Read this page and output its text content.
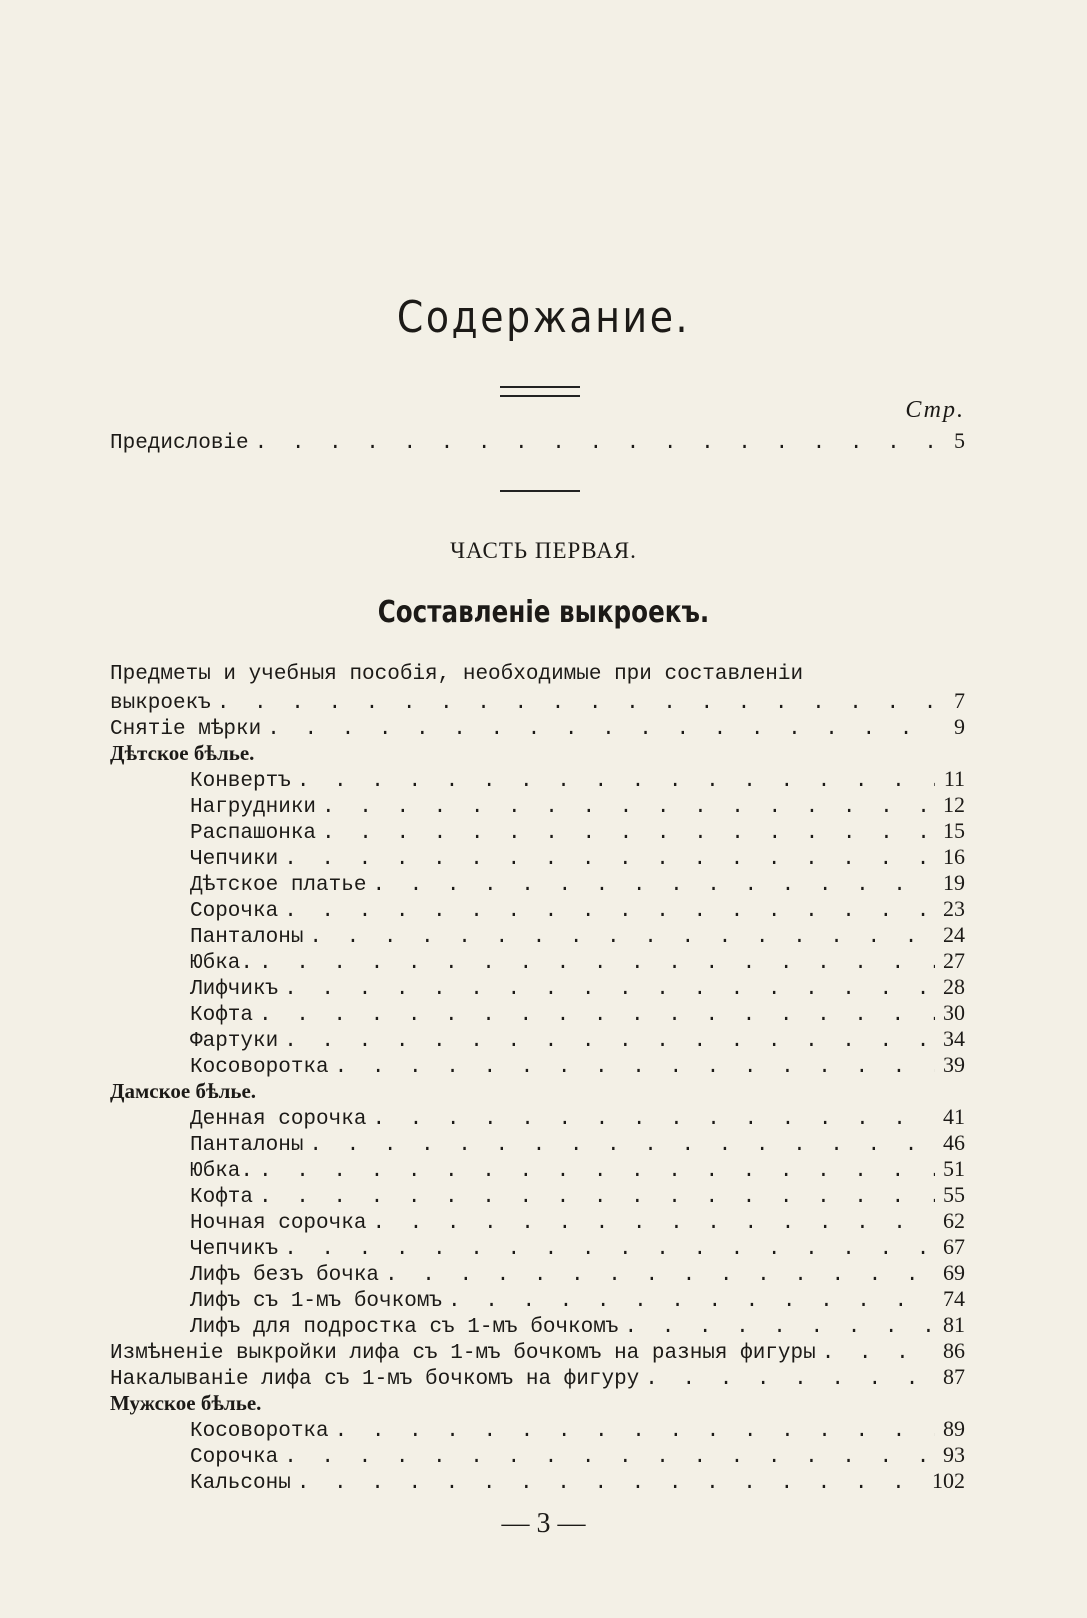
Содержание.
Стр.
Предисловіе . . .	5
ЧАСТЬ ПЕРВАЯ.
Составленіе выкроекъ.
Предметы и учебныя пособія, необходимые при составленіи
выкроекъ . . .	7
Снятіе мѣрки . . .	9
Дѣтское бѣлье.
Конвертъ . . .	11
Нагрудники . . .	12
Распашонка . . .	15
Чепчики . . .	16
Дѣтское платье . . .	19
Сорочка . . .	23
Панталоны . . .	24
Юбка. . . .	27
Лифчикъ . . .	28
Кофта . . .	30
Фартуки . . .	34
Косоворотка . . .	39
Дамское бѣлье.
Денная сорочка . . .	41
Панталоны . . .	46
Юбка. . . .	51
Кофта . . .	55
Ночная сорочка . . .	62
Чепчикъ . . .	67
Лифъ безъ бочка . . .	69
Лифъ съ 1-мъ бочкомъ . . .	74
Лифъ для подростка съ 1-мъ бочкомъ . . .	81
Измѣненіе выкройки лифа съ 1-мъ бочкомъ на разныя фигуры . . .	86
Накалываніе лифа съ 1-мъ бочкомъ на фигуру . . .	87
Мужское бѣлье.
Косоворотка . . .	89
Сорочка . . .	93
Кальсоны . . .	102
— 3 —
